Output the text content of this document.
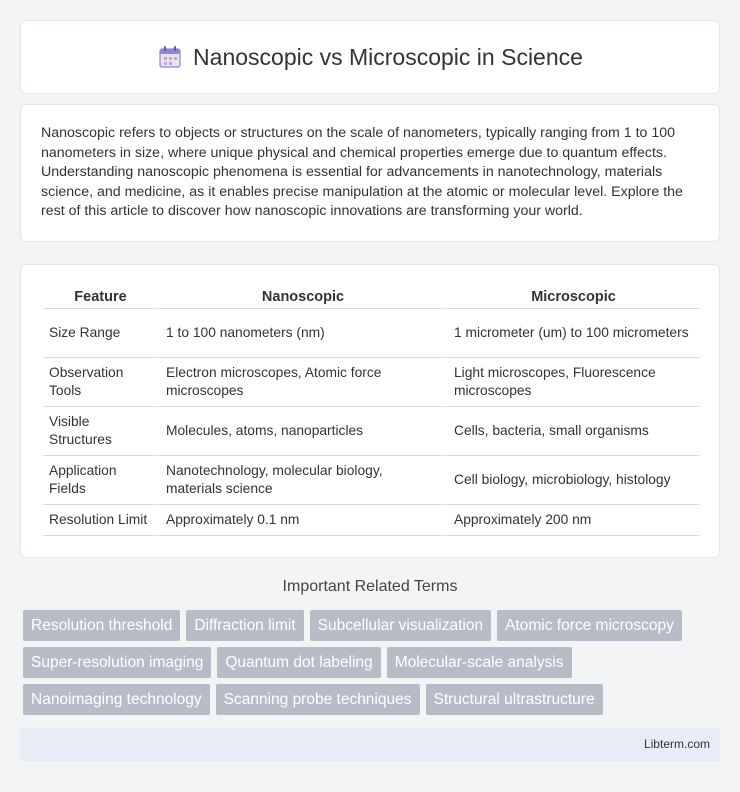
Nanoscopic vs Microscopic in Science

Nanoscopic refers to objects or structures on the scale of nanometers, typically ranging from 1 to 100 nanometers in size, where unique physical and chemical properties emerge due to quantum effects. Understanding nanoscopic phenomena is essential for advancements in nanotechnology, materials science, and medicine, as it enables precise manipulation at the atomic or molecular level. Explore the rest of this article to discover how nanoscopic innovations are transforming your world.

Feature	Nanoscopic	Microscopic
Size Range	1 to 100 nanometers (nm)	1 micrometer (um) to 100 micrometers
Observation Tools	Electron microscopes, Atomic force microscopes	Light microscopes, Fluorescence microscopes
Visible Structures	Molecules, atoms, nanoparticles	Cells, bacteria, small organisms
Application Fields	Nanotechnology, molecular biology, materials science	Cell biology, microbiology, histology
Resolution Limit	Approximately 0.1 nm	Approximately 200 nm
Important Related Terms
Resolution threshold	Diffraction limit	Subcellular visualization	Atomic force microscopy
Super-resolution imaging	Quantum dot labeling	Molecular-scale analysis
Nanoimaging technology	Scanning probe techniques	Structural ultrastructure
Libterm.com
